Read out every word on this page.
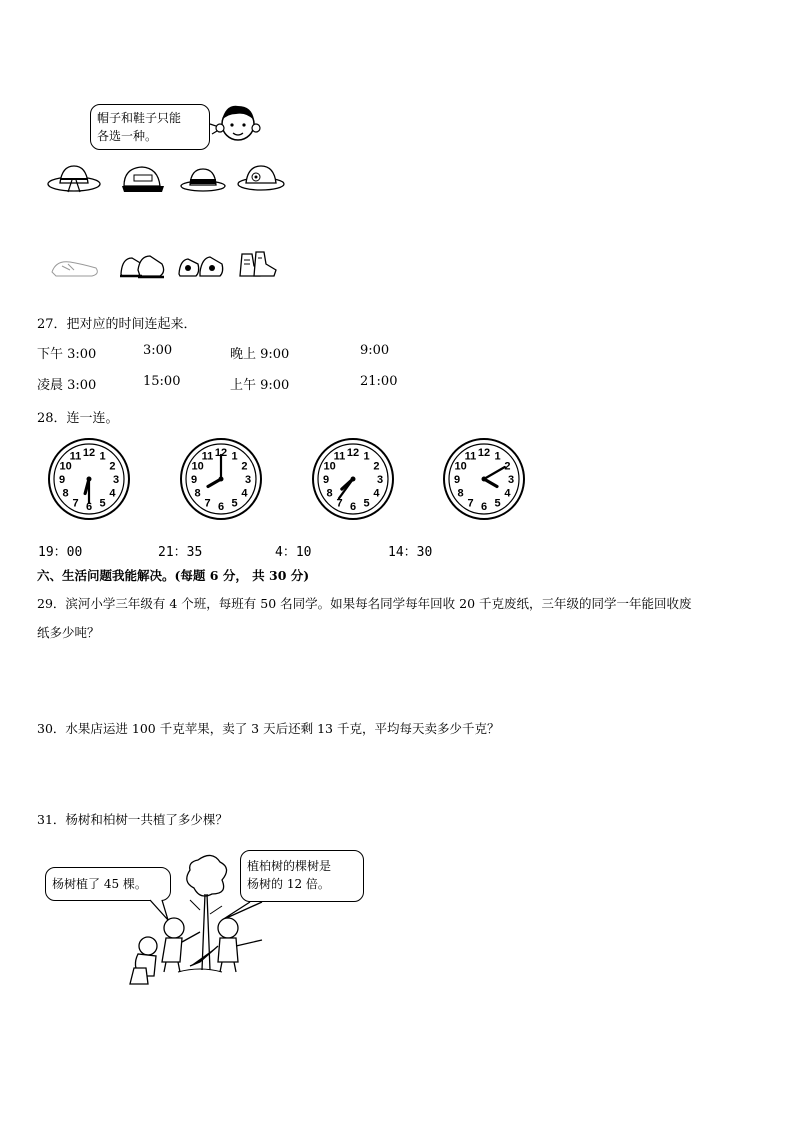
帽子和鞋子只能
各选一种。
27．把对应的时间连起来．
下午 3:00	3:00	晚上 9:00	9:00
凌晨 3:00	15:00	上午 9:00	21:00
28．连一连。
1
2
3
4
5
6
7
8
9
10
11 12	1
2
3
4
5
6
7
8
9
10
11 12	1
2
3
4
5
6
7
8
9
10
11 12	1
2
3
4
5
6
7
8
9
10
11 12
19：00	21：35	4：10	14：30
六、生活问题我能解决。(每题 6 分， 共 30 分)
29．滨河小学三年级有 4 个班，每班有 50 名同学。如果每名同学每年回收 20 千克废纸，三年级的同学一年能回收废
纸多少吨？
30．水果店运进 100 千克苹果，卖了 3 天后还剩 13 千克，平均每天卖多少千克？
31．杨树和柏树一共植了多少棵？
杨树植了 45 棵。
植柏树的棵树是
杨树的 12 倍。
